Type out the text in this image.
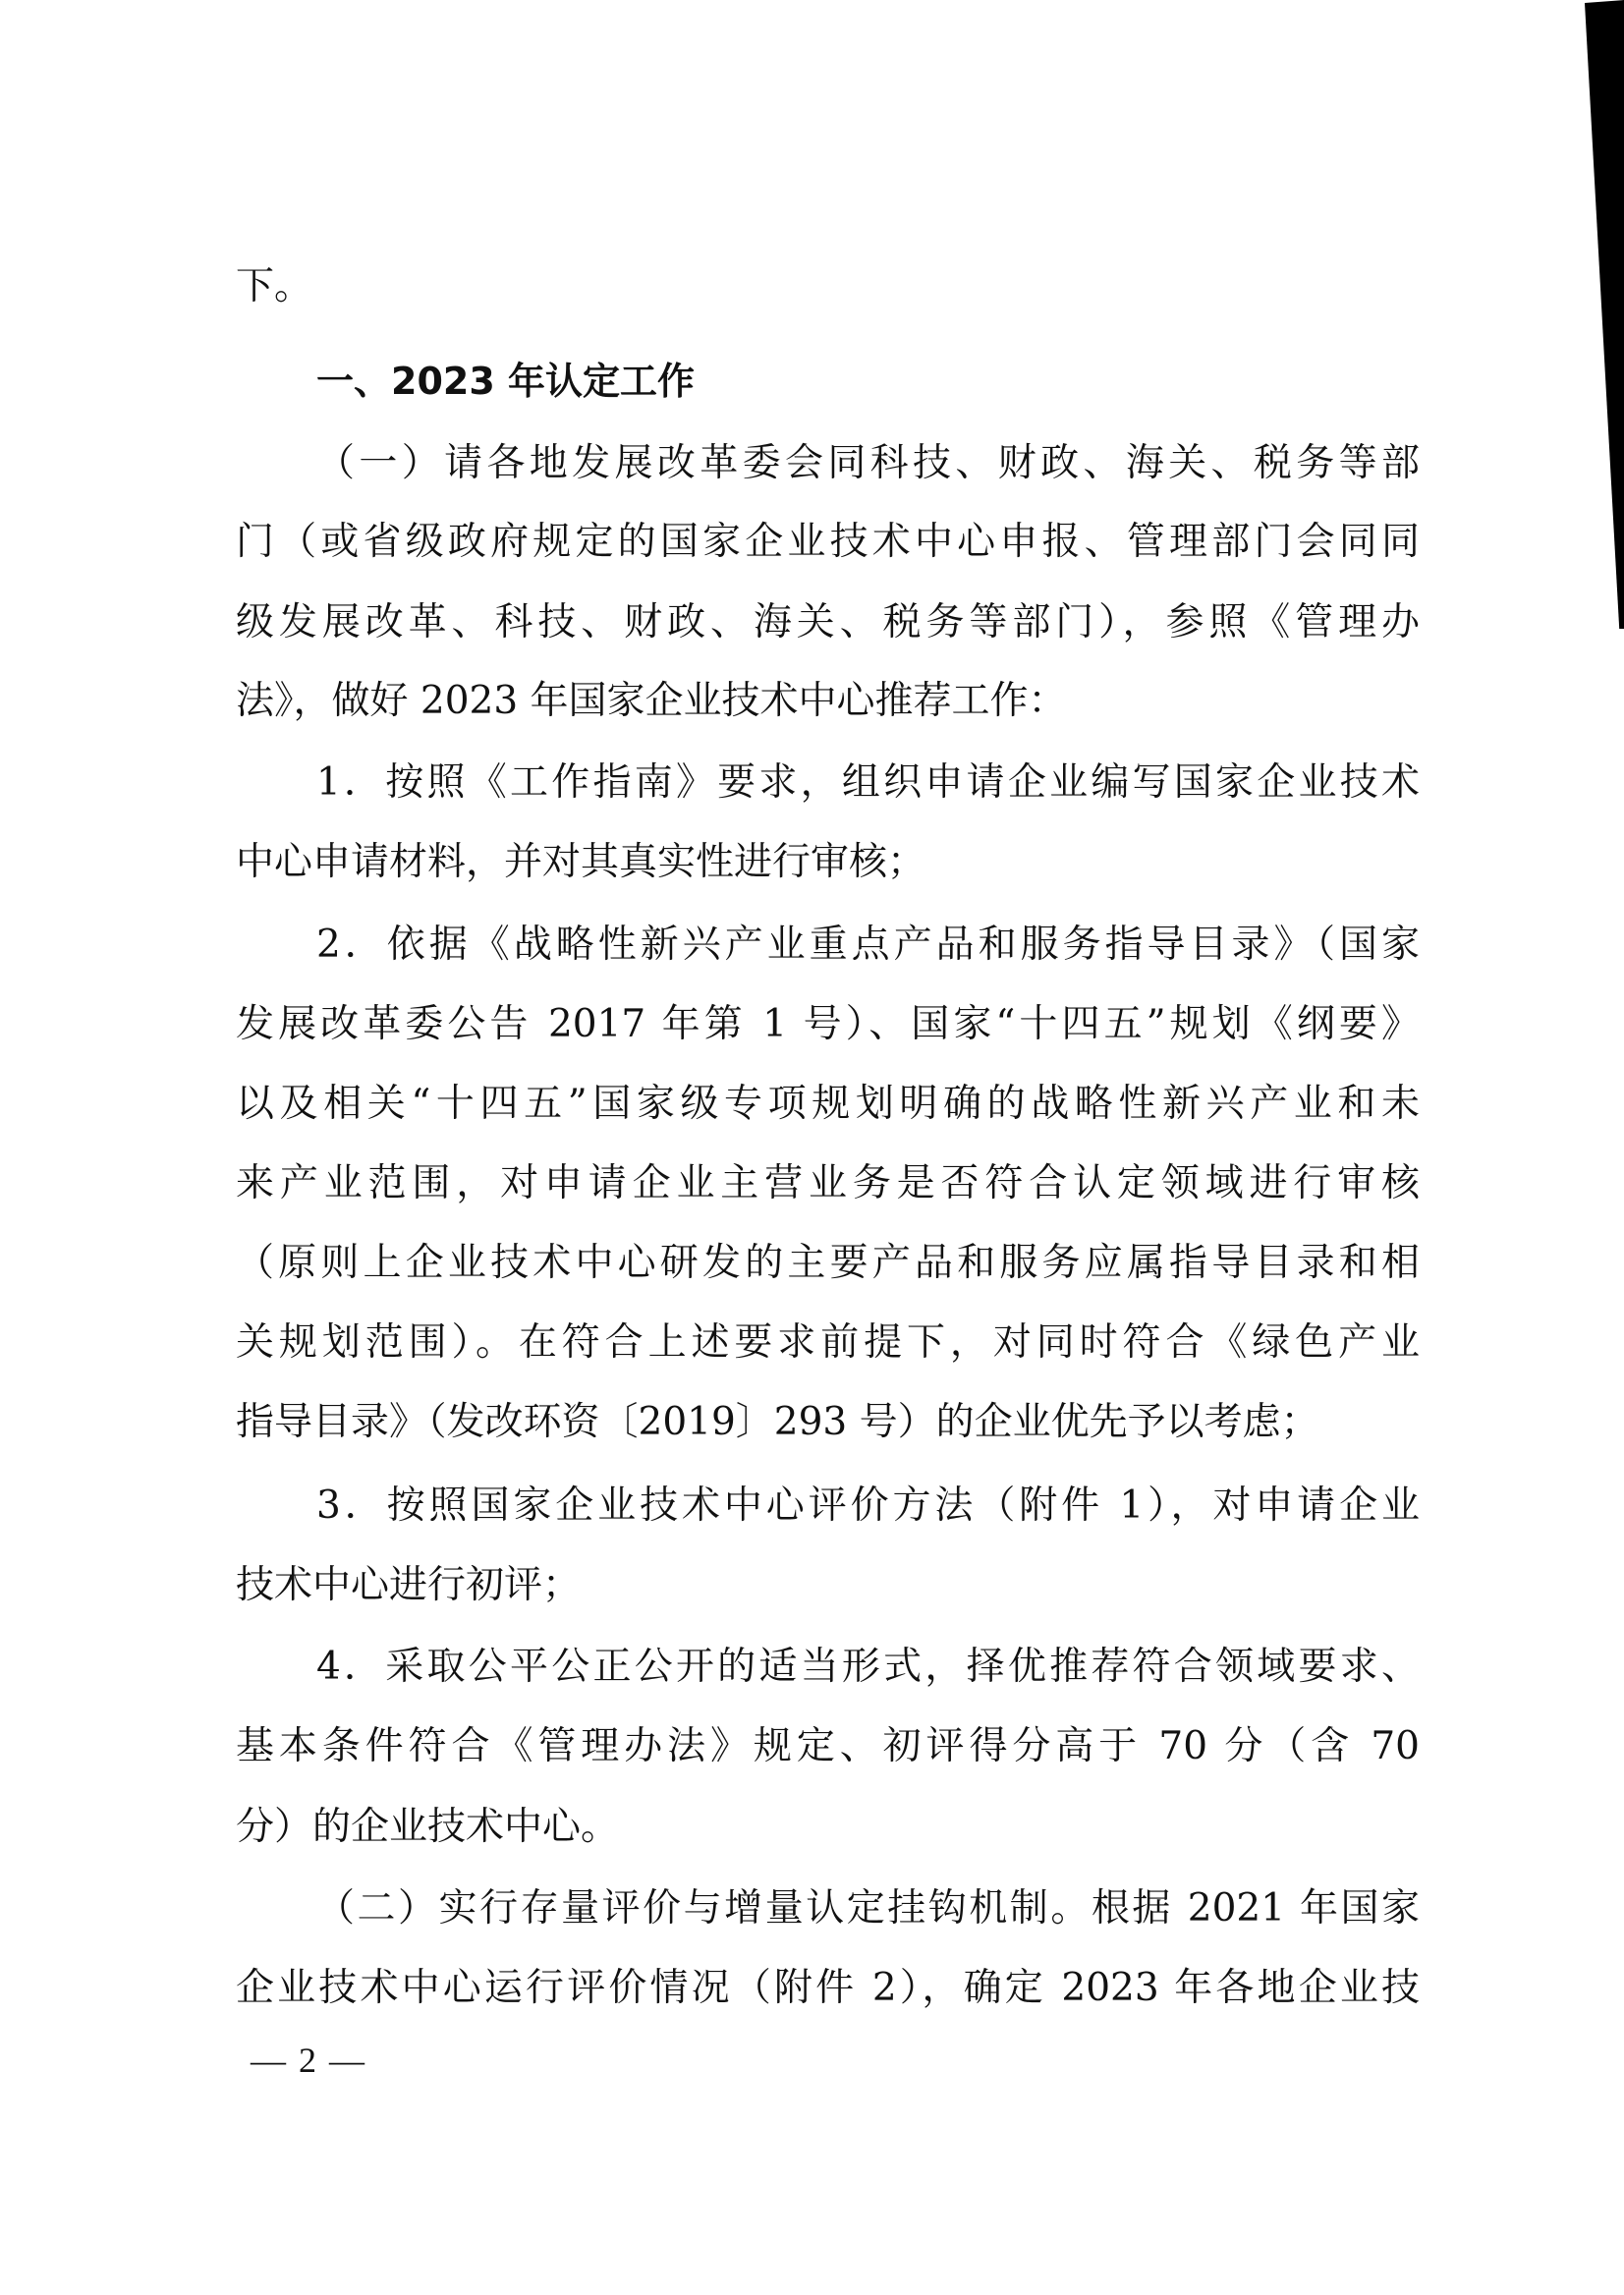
下。
一、2023 年认定工作
（一）请各地发展改革委会同科技、财政、海关、税务等部
门（或省级政府规定的国家企业技术中心申报、管理部门会同同
级发展改革、科技、财政、海关、税务等部门），参照《管理办
法》，做好 2023 年国家企业技术中心推荐工作：
1．按照《工作指南》要求，组织申请企业编写国家企业技术
中心申请材料，并对其真实性进行审核；
2．依据《战略性新兴产业重点产品和服务指导目录》（国家
发展改革委公告 2017 年第 1 号）、国家“十四五”规划《纲要》
以及相关“十四五”国家级专项规划明确的战略性新兴产业和未
来产业范围，对申请企业主营业务是否符合认定领域进行审核
（原则上企业技术中心研发的主要产品和服务应属指导目录和相
关规划范围）。在符合上述要求前提下，对同时符合《绿色产业
指导目录》（发改环资〔2019〕293 号）的企业优先予以考虑；
3．按照国家企业技术中心评价方法（附件 1），对申请企业
技术中心进行初评；
4．采取公平公正公开的适当形式，择优推荐符合领域要求、
基本条件符合《管理办法》规定、初评得分高于 70 分（含 70
分）的企业技术中心。
（二）实行存量评价与增量认定挂钩机制。根据 2021 年国家
企业技术中心运行评价情况（附件 2），确定 2023 年各地企业技
— 2 —
